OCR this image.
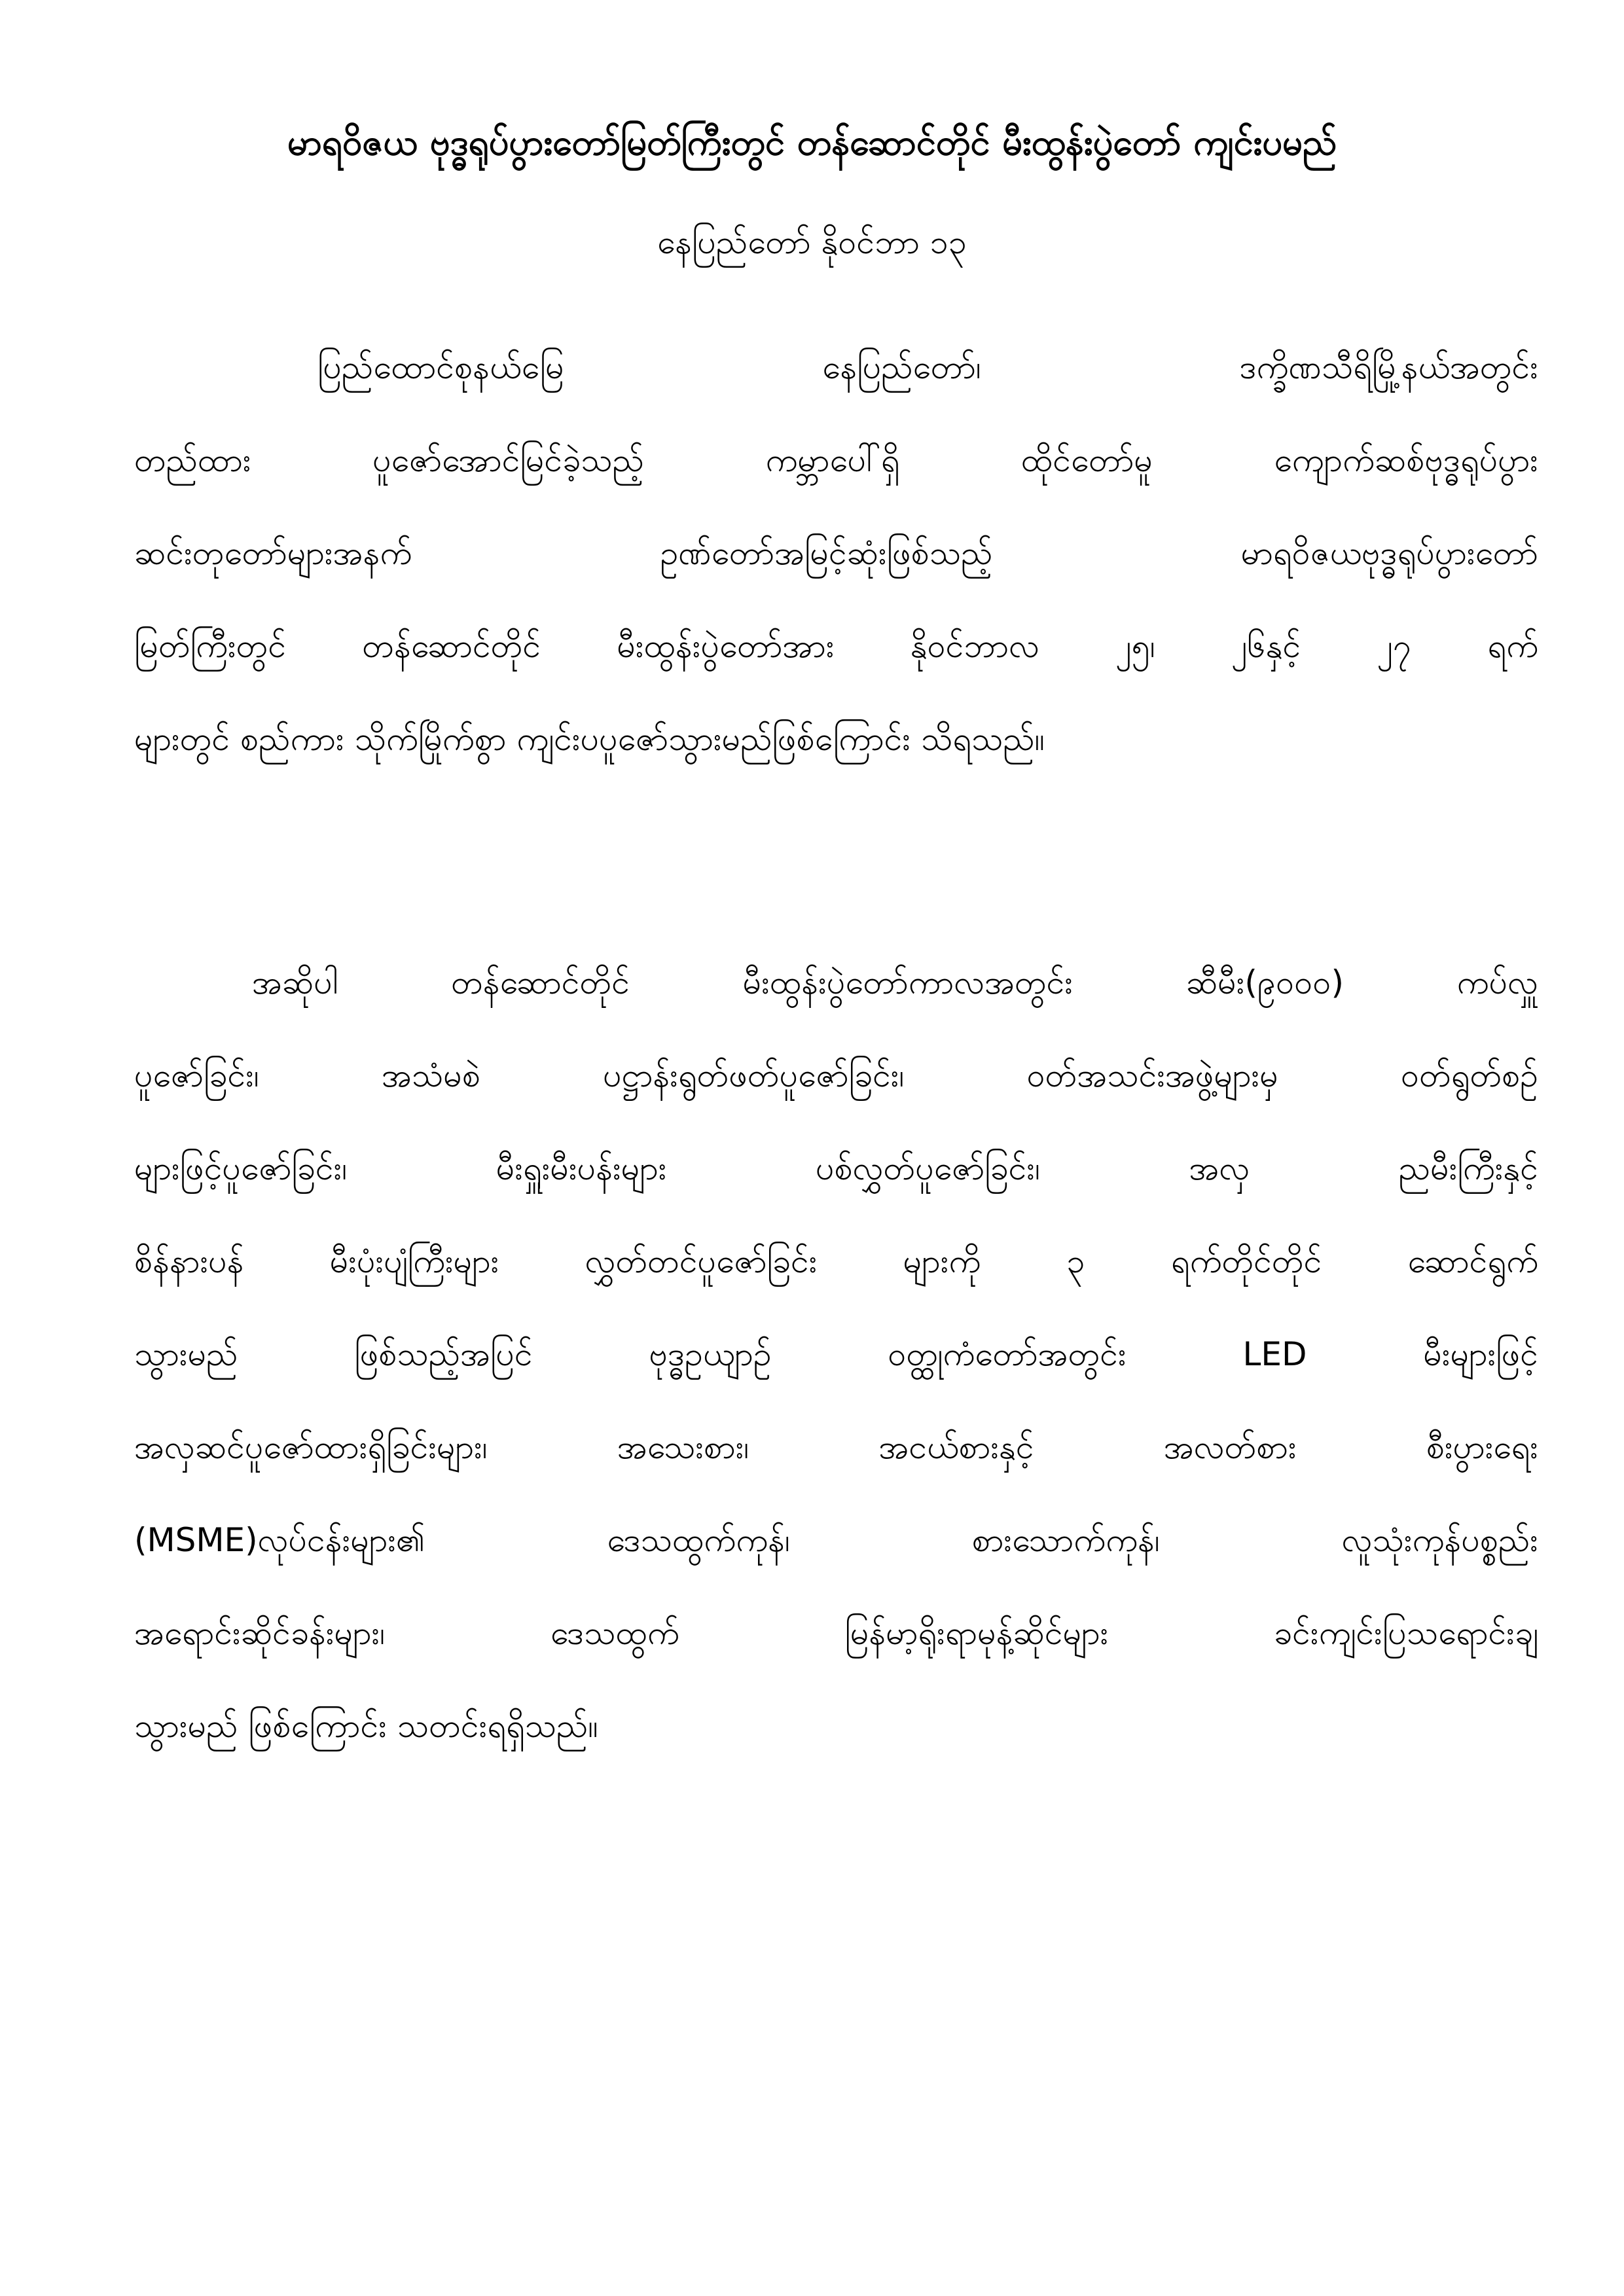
မာရဝိဇယ ဗုဒ္ဓရုပ်ပွားတော်မြတ်ကြီးတွင် တန်ဆောင်တိုင် မီးထွန်းပွဲတော် ကျင်းပမည်
နေပြည်တော် နိုဝင်ဘာ ၁၃
ပြည်ထောင်စုနယ်မြေ နေပြည်တော်၊ ဒက္ခိဏသီရိမြို့နယ်အတွင်း
တည်ထား ပူဇော်အောင်မြင်ခဲ့သည့် ကမ္ဘာပေါ်ရှိ ထိုင်တော်မူ ကျောက်ဆစ်ဗုဒ္ဓရုပ်ပွား
ဆင်းတုတော်များအနက် ဥဏ်တော်အမြင့်ဆုံးဖြစ်သည့် မာရဝိဇယဗုဒ္ဓရုပ်ပွားတော်
မြတ်ကြီးတွင် တန်ဆောင်တိုင် မီးထွန်းပွဲတော်အား နိုဝင်ဘာလ ၂၅၊ ၂၆နှင့် ၂၇ ရက်
များတွင် စည်ကား သိုက်မြိုက်စွာ ကျင်းပပူဇော်သွားမည်ဖြစ်ကြောင်း သိရသည်။
အဆိုပါ တန်ဆောင်တိုင် မီးထွန်းပွဲတော်ကာလအတွင်း ဆီမီး(၉၀၀၀) ကပ်လှူ
ပူဇော်ခြင်း၊ အသံမစဲ ပဋ္ဌာန်းရွတ်ဖတ်ပူဇော်ခြင်း၊ ဝတ်အသင်းအဖွဲ့များမှ ဝတ်ရွတ်စဉ်
များဖြင့်ပူဇော်ခြင်း၊ မီးရှူးမီးပန်းများ ပစ်လွှတ်ပူဇော်ခြင်း၊ အလှ ညမီးကြီးနှင့်
စိန်နားပန် မီးပုံးပျံကြီးများ လွှတ်တင်ပူဇော်ခြင်း များကို ၃ ရက်တိုင်တိုင် ဆောင်ရွက်
သွားမည် ဖြစ်သည့်အပြင် ဗုဒ္ဓဥယျာဉ် ဝတ္ထုကံတော်အတွင်း LED မီးများဖြင့်
အလှဆင်ပူဇော်ထားရှိခြင်းများ၊ အသေးစား၊ အငယ်စားနှင့် အလတ်စား စီးပွားရေး
(MSME)လုပ်ငန်းများ၏ ဒေသထွက်ကုန်၊ စားသောက်ကုန်၊ လူသုံးကုန်ပစ္စည်း
အရောင်းဆိုင်ခန်းများ၊ ဒေသထွက် မြန်မာ့ရိုးရာမုန့်ဆိုင်များ ခင်းကျင်းပြသရောင်းချ
သွားမည် ဖြစ်ကြောင်း သတင်းရရှိသည်။
